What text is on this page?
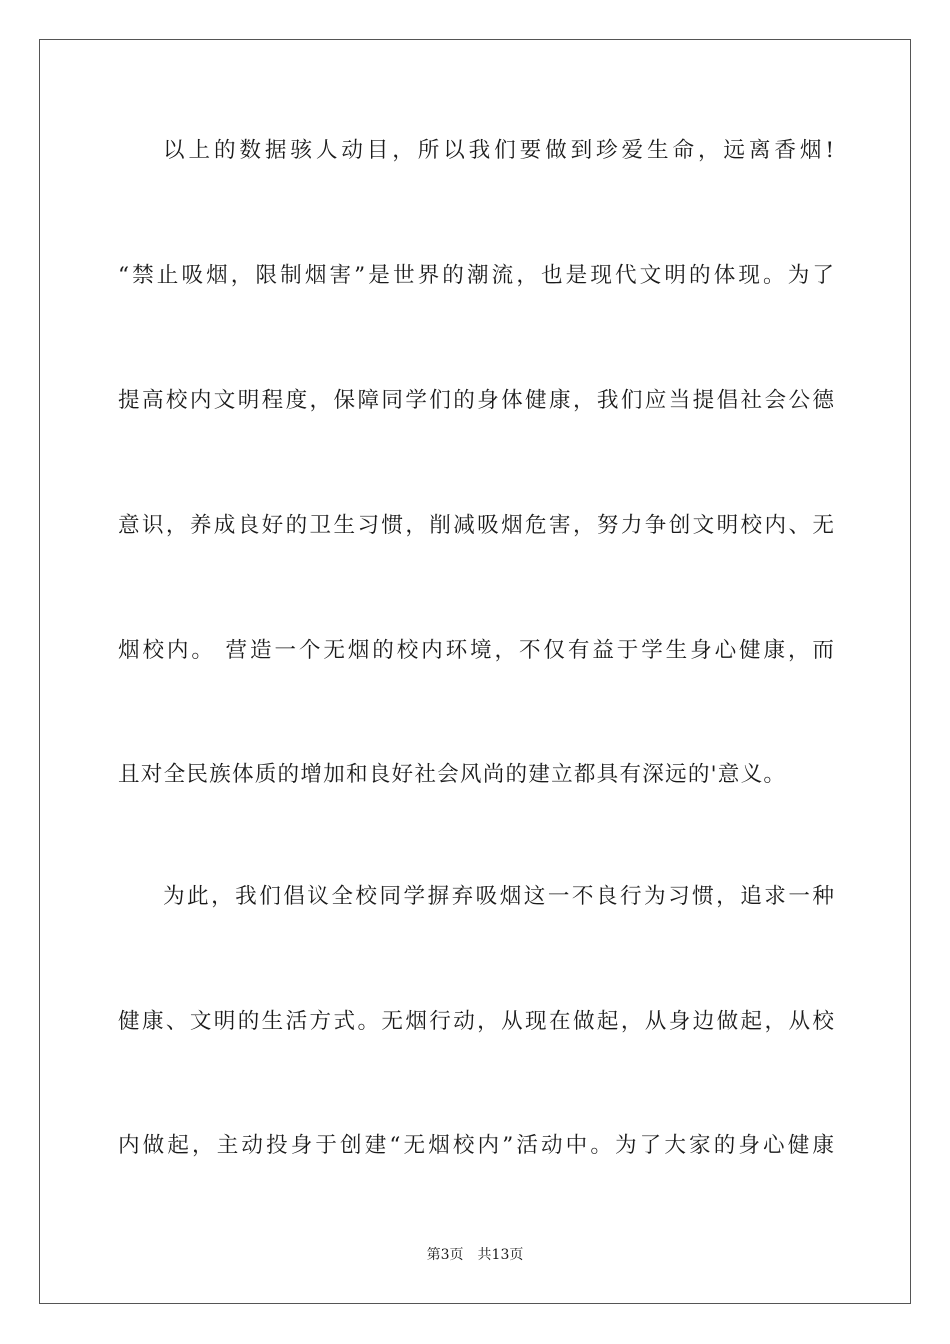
以上的数据骇人动目，所以我们要做到珍爱生命，远离香烟!
“禁止吸烟，限制烟害”是世界的潮流，也是现代文明的体现。为了
提高校内文明程度，保障同学们的身体健康，我们应当提倡社会公德
意识，养成良好的卫生习惯，削减吸烟危害，努力争创文明校内、无
烟校内。 营造一个无烟的校内环境，不仅有益于学生身心健康，而
且对全民族体质的增加和良好社会风尚的建立都具有深远的'意义。
为此，我们倡议全校同学摒弃吸烟这一不良行为习惯，追求一种
健康、文明的生活方式。无烟行动，从现在做起，从身边做起，从校
内做起，主动投身于创建“无烟校内”活动中。为了大家的身心健康
第3页 共13页
